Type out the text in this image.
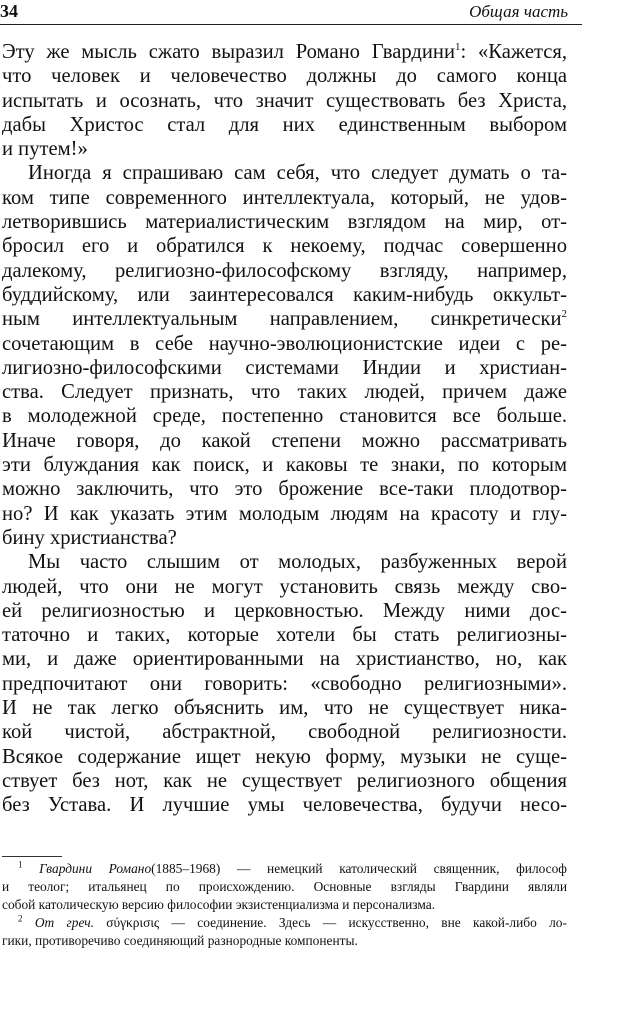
34	Общая часть
Эту же мысль сжато выразил Романо Гвардини$^1$: «Кажется,
что человек и человечество должны до самого конца
испытать и осознать, что значит существовать без Христа,
дабы Христос стал для них единственным выбором
и путем!»
Иногда я спрашиваю сам себя, что следует думать о та-
ком типе современного интеллектуала, который, не удов-
летворившись материалистическим взглядом на мир, от-
бросил его и обратился к некоему, подчас совершенно
далекому, религиозно-философскому взгляду, например,
буддийскому, или заинтересовался каким-нибудь оккульт-
ным интеллектуальным направлением, синкретически$^2$
сочетающим в себе научно-эволюционистские идеи с ре-
лигиозно-философскими системами Индии и христиан-
ства. Следует признать, что таких людей, причем даже
в молодежной среде, постепенно становится все больше.
Иначе говоря, до какой степени можно рассматривать
эти блуждания как поиск, и каковы те знаки, по которым
можно заключить, что это брожение все-таки плодотвор-
но? И как указать этим молодым людям на красоту и глу-
бину христианства?
Мы часто слышим от молодых, разбуженных верой
людей, что они не могут установить связь между сво-
ей религиозностью и церковностью. Между ними дос-
таточно и таких, которые хотели бы стать религиозны-
ми, и даже ориентированными на христианство, но, как
предпочитают они говорить: «свободно религиозными».
И не так легко объяснить им, что не существует ника-
кой чистой, абстрактной, свободной религиозности.
Всякое содержание ищет некую форму, музыки не суще-
ствует без нот, как не существует религиозного общения
без Устава. И лучшие умы человечества, будучи несо-
$^1$ Гвардини Романо(1885–1968) — немецкий католический священник, философ
и теолог; итальянец по происхождению. Основные взгляды Гвардини являли
собой католическую версию философии экзистенциализма и персонализма.
$^2$ От греч. σύγκρισις — соединение. Здесь — искусственно, вне какой-либо ло-
гики, противоречиво соединяющий разнородные компоненты.
